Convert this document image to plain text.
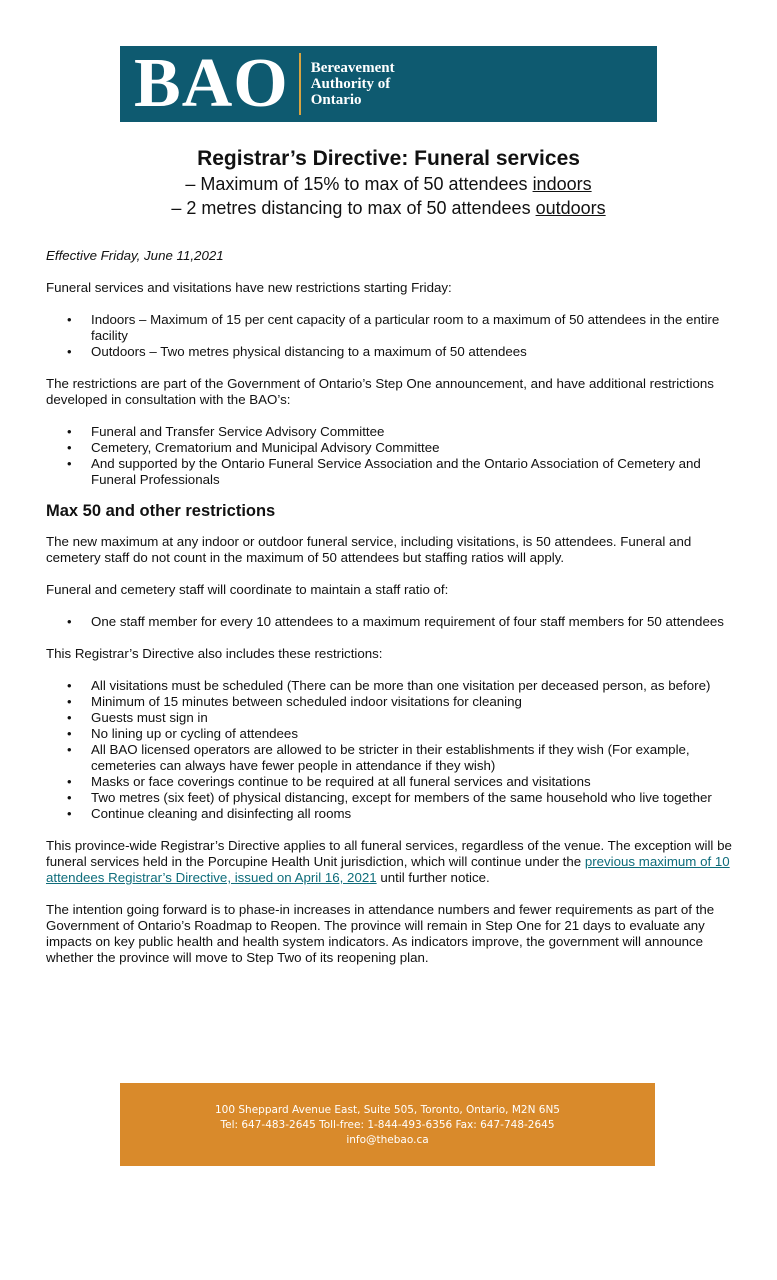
BAO Bereavement
Authority of
Ontario
Registrar’s Directive: Funeral services
– Maximum of 15% to max of 50 attendees indoors
– 2 metres distancing to max of 50 attendees outdoors

Effective Friday, June 11,2021

Funeral services and visitations have new restrictions starting Friday:

• Indoors – Maximum of 15 per cent capacity of a particular room to a maximum of 50 attendees in the entire facility
• Outdoors – Two metres physical distancing to a maximum of 50 attendees

The restrictions are part of the Government of Ontario’s Step One announcement, and have additional restrictions developed in consultation with the BAO’s:

• Funeral and Transfer Service Advisory Committee
• Cemetery, Crematorium and Municipal Advisory Committee
• And supported by the Ontario Funeral Service Association and the Ontario Association of Cemetery and Funeral Professionals

Max 50 and other restrictions

The new maximum at any indoor or outdoor funeral service, including visitations, is 50 attendees. Funeral and cemetery staff do not count in the maximum of 50 attendees but staffing ratios will apply.

Funeral and cemetery staff will coordinate to maintain a staff ratio of:

• One staff member for every 10 attendees to a maximum requirement of four staff members for 50 attendees

This Registrar’s Directive also includes these restrictions:

• All visitations must be scheduled (There can be more than one visitation per deceased person, as before)
• Minimum of 15 minutes between scheduled indoor visitations for cleaning
• Guests must sign in
• No lining up or cycling of attendees
• All BAO licensed operators are allowed to be stricter in their establishments if they wish (For example, cemeteries can always have fewer people in attendance if they wish)
• Masks or face coverings continue to be required at all funeral services and visitations
• Two metres (six feet) of physical distancing, except for members of the same household who live together
• Continue cleaning and disinfecting all rooms

This province-wide Registrar’s Directive applies to all funeral services, regardless of the venue. The exception will be funeral services held in the Porcupine Health Unit jurisdiction, which will continue under the previous maximum of 10 attendees Registrar’s Directive, issued on April 16, 2021 until further notice.

The intention going forward is to phase-in increases in attendance numbers and fewer requirements as part of the Government of Ontario’s Roadmap to Reopen. The province will remain in Step One for 21 days to evaluate any impacts on key public health and health system indicators. As indicators improve, the government will announce whether the province will move to Step Two of its reopening plan.

100 Sheppard Avenue East, Suite 505, Toronto, Ontario, M2N 6N5
Tel: 647-483-2645 Toll-free: 1-844-493-6356 Fax: 647-748-2645
info@thebao.ca
